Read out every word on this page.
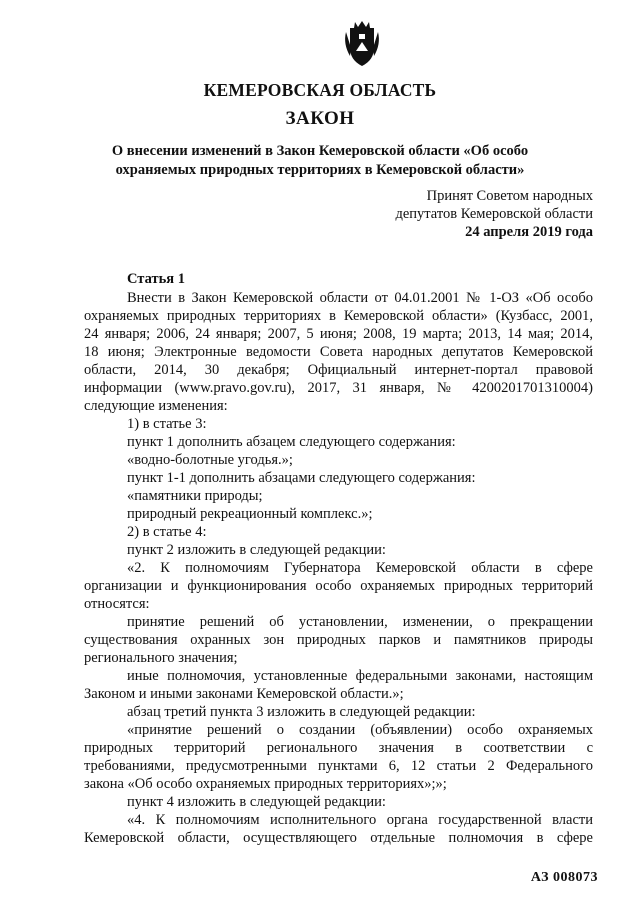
КЕМЕРОВСКАЯ ОБЛАСТЬ
ЗАКОН
О внесении изменений в Закон Кемеровской области «Об особо
охраняемых природных территориях в Кемеровской области»
Принят Советом народных
депутатов Кемеровской области
24 апреля 2019 года
Статья 1
Внести в Закон Кемеровской области от 04.01.2001 № 1-ОЗ «Об особо
охраняемых природных территориях в Кемеровской области» (Кузбасс, 2001,
24 января; 2006, 24 января; 2007, 5 июня; 2008, 19 марта; 2013, 14 мая; 2014,
18 июня; Электронные ведомости Совета народных депутатов Кемеровской
области, 2014, 30 декабря; Официальный интернет-портал правовой
информации (www.pravo.gov.ru), 2017, 31 января, № 4200201701310004)
следующие изменения:
1) в статье 3:
пункт 1 дополнить абзацем следующего содержания:
«водно-болотные угодья.»;
пункт 1-1 дополнить абзацами следующего содержания:
«памятники природы;
природный рекреационный комплекс.»;
2) в статье 4:
пункт 2 изложить в следующей редакции:
«2. К полномочиям Губернатора Кемеровской области в сфере
организации и функционирования особо охраняемых природных территорий
относятся:
принятие решений об установлении, изменении, о прекращении
существования охранных зон природных парков и памятников природы
регионального значения;
иные полномочия, установленные федеральными законами, настоящим
Законом и иными законами Кемеровской области.»;
абзац третий пункта 3 изложить в следующей редакции:
«принятие решений о создании (объявлении) особо охраняемых
природных территорий регионального значения в соответствии с
требованиями, предусмотренными пунктами 6, 12 статьи 2 Федерального
закона «Об особо охраняемых природных территориях»;»;
пункт 4 изложить в следующей редакции:
«4. К полномочиям исполнительного органа государственной власти
Кемеровской области, осуществляющего отдельные полномочия в сфере
АЗ 008073
